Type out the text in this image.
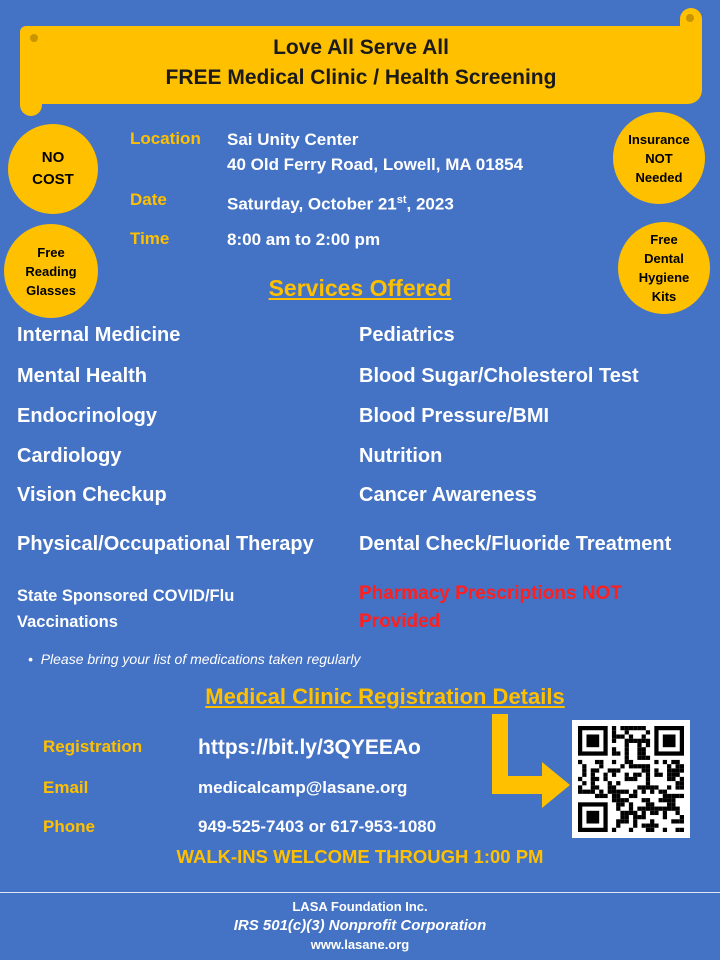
Love All Serve All
FREE Medical Clinic / Health Screening
NO
COST
Insurance
NOT
Needed
Free
Reading
Glasses
Free
Dental
Hygiene
Kits
Location Sai Unity Center
40 Old Ferry Road, Lowell, MA 01854
Date	Saturday, October 21st, 2023
Time	8:00 am to 2:00 pm
Services Offered
Internal Medicine
Mental Health
Endocrinology
Cardiology
Vision Checkup
Physical/Occupational Therapy
State Sponsored COVID/Flu
Vaccinations
Pediatrics
Blood Sugar/Cholesterol Test
Blood Pressure/BMI
Nutrition
Cancer Awareness
Dental Check/Fluoride Treatment
Pharmacy Prescriptions NOT
Provided
•  Please bring your list of medications taken regularly
Medical Clinic Registration Details
Registration	https://bit.ly/3QYEEAo
Email	medicalcamp@lasane.org
Phone	949-525-7403 or 617-953-1080
WALK-INS WELCOME THROUGH 1:00 PM
LASA Foundation Inc.
IRS 501(c)(3) Nonprofit Corporation
www.lasane.org
